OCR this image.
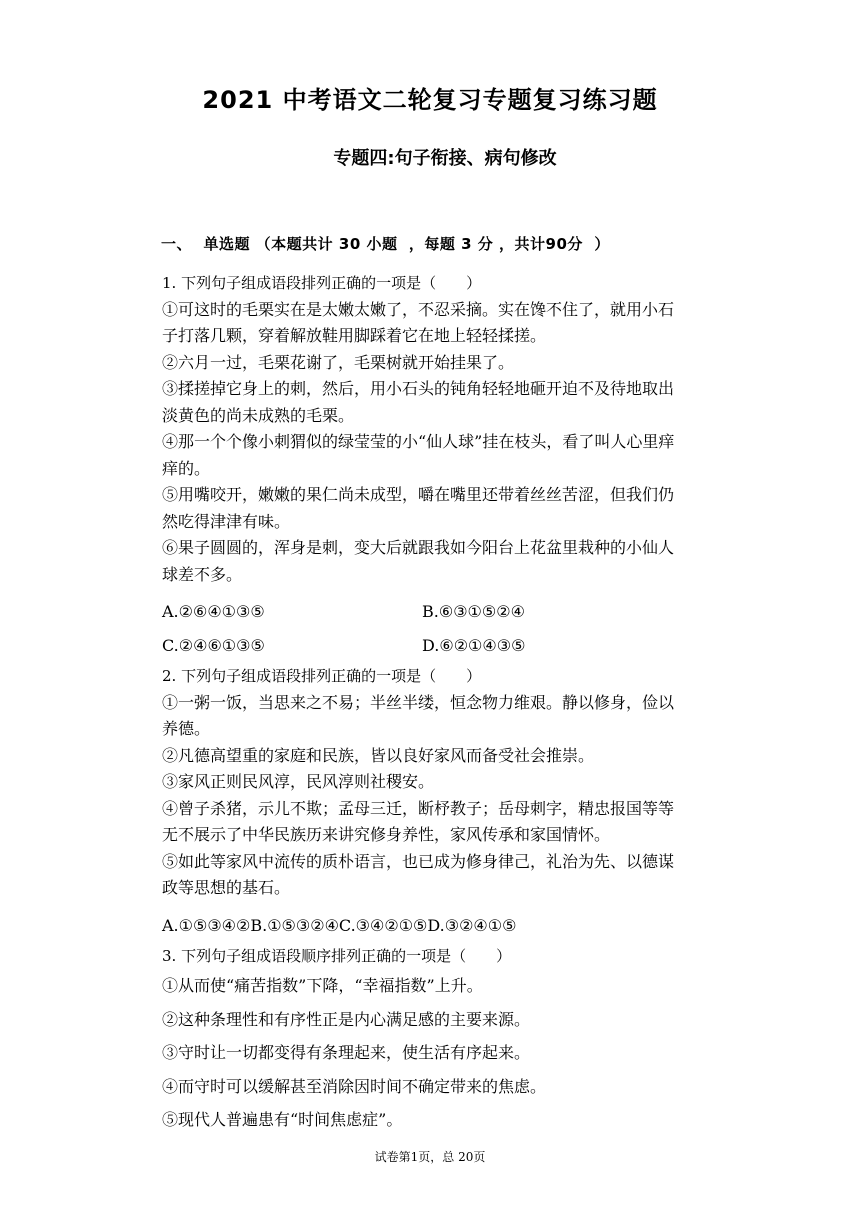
2021 中考语文二轮复习专题复习练习题
专题四:句子衔接、病句修改
一、  单选题 （本题共计 30 小题  ，每题 3 分 ，共计90分  ）
1. 下列句子组成语段排列正确的一项是（　　）
①可这时的毛栗实在是太嫩太嫩了，不忍采摘。实在馋不住了，就用小石
子打落几颗，穿着解放鞋用脚踩着它在地上轻轻揉搓。
②六月一过，毛栗花谢了，毛栗树就开始挂果了。
③揉搓掉它身上的刺，然后，用小石头的钝角轻轻地砸开迫不及待地取出
淡黄色的尚未成熟的毛栗。
④那一个个像小刺猬似的绿莹莹的小“仙人球”挂在枝头，看了叫人心里痒
痒的。
⑤用嘴咬开，嫩嫩的果仁尚未成型，嚼在嘴里还带着丝丝苦涩，但我们仍
然吃得津津有味。
⑥果子圆圆的，浑身是刺，变大后就跟我如今阳台上花盆里栽种的小仙人
球差不多。
A.②⑥④①③⑤	B.⑥③①⑤②④
C.②④⑥①③⑤	D.⑥②①④③⑤
2. 下列句子组成语段排列正确的一项是（　　）
①一粥一饭，当思来之不易；半丝半缕，恒念物力维艰。静以修身，俭以
养德。
②凡德高望重的家庭和民族，皆以良好家风而备受社会推崇。
③家风正则民风淳，民风淳则社稷安。
④曾子杀猪，示儿不欺；孟母三迁，断杼教子；岳母刺字，精忠报国等等
无不展示了中华民族历来讲究修身养性，家风传承和家国情怀。
⑤如此等家风中流传的质朴语言，也已成为修身律己，礼治为先、以德谋
政等思想的基石。
A.①⑤③④②B.①⑤③②④C.③④②①⑤D.③②④①⑤
3. 下列句子组成语段顺序排列正确的一项是（　　）
①从而使“痛苦指数”下降，“幸福指数”上升。
②这种条理性和有序性正是内心满足感的主要来源。
③守时让一切都变得有条理起来，使生活有序起来。
④而守时可以缓解甚至消除因时间不确定带来的焦虑。
⑤现代人普遍患有“时间焦虑症”。
试卷第1页，总 20页
